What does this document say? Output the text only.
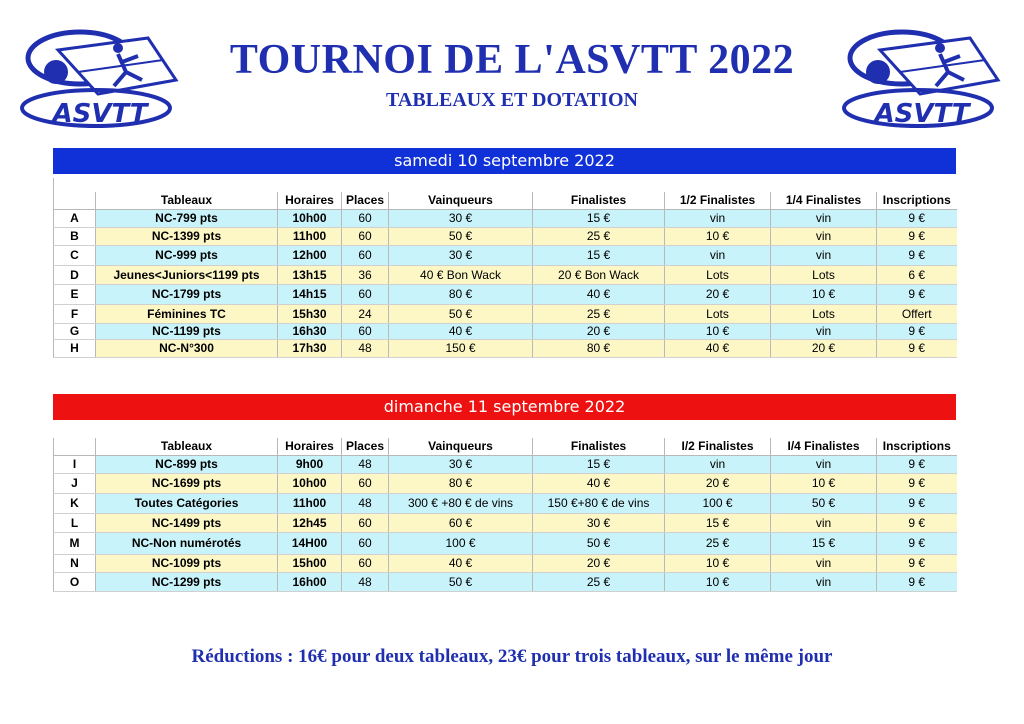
ASVTT	ASVTT
TOURNOI DE L'ASVTT 2022
TABLEAUX ET DOTATION
samedi 10 septembre 2022

	Tableaux	Horaires	Places	Vainqueurs	Finalistes	1/2 Finalistes	1/4 Finalistes	Inscriptions
A	NC-799 pts	10h00	60	30 €	15 €	vin	vin	9 €
B	NC-1399 pts	11h00	60	50 €	25 €	10 €	vin	9 €
C	NC-999 pts	12h00	60	30 €	15 €	vin	vin	9 €
D	Jeunes<Juniors<1199 pts	13h15	36	40 € Bon Wack	20 € Bon Wack	Lots	Lots	6 €
E	NC-1799 pts	14h15	60	80 €	40 €	20 €	10 €	9 €
F	Féminines TC	15h30	24	50 €	25 €	Lots	Lots	Offert
G	NC-1199 pts	16h30	60	40 €	20 €	10 €	vin	9 €
H	NC-N°300	17h30	48	150 €	80 €	40 €	20 €	9 €
dimanche 11 septembre 2022
	Tableaux	Horaires	Places	Vainqueurs	Finalistes	I/2 Finalistes	I/4 Finalistes	Inscriptions
I	NC-899 pts	9h00	48	30 €	15 €	vin	vin	9 €
J	NC-1699 pts	10h00	60	80 €	40 €	20 €	10 €	9 €
K	Toutes Catégories	11h00	48	300 € +80 € de vins	150 €+80 € de vins	100 €	50 €	9 €
L	NC-1499 pts	12h45	60	60 €	30 €	15 €	vin	9 €
M	NC-Non numérotés	14H00	60	100 €	50 €	25 €	15 €	9 €
N	NC-1099 pts	15h00	60	40 €	20 €	10 €	vin	9 €
O	NC-1299 pts	16h00	48	50 €	25 €	10 €	vin	9 €
Réductions : 16€ pour deux tableaux, 23€ pour trois tableaux, sur le même jour
